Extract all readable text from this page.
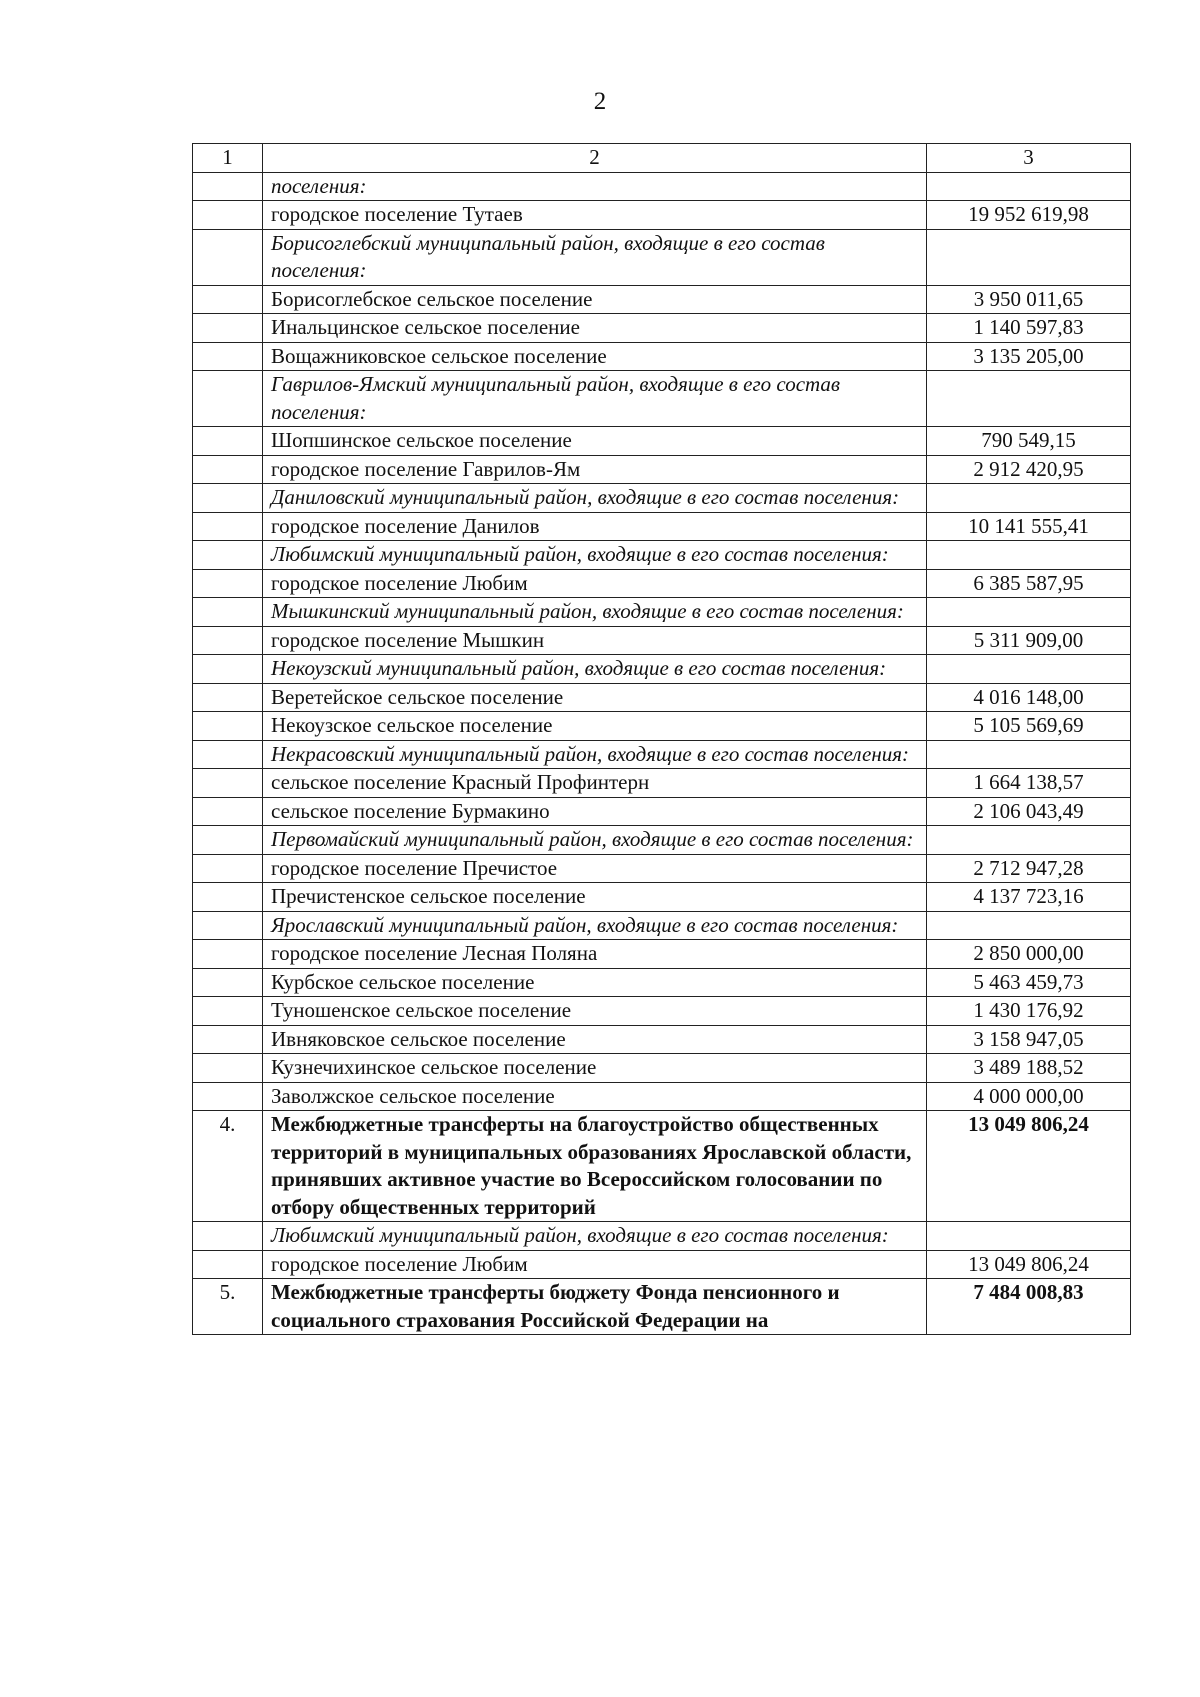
2
1	2	3
	поселения:	
	городское поселение Тутаев	19 952 619,98
	Борисоглебский муниципальный район, входящие в его состав поселения:	
	Борисоглебское сельское поселение	3 950 011,65
	Инальцинское сельское поселение	1 140 597,83
	Вощажниковское сельское поселение	3 135 205,00
	Гаврилов-Ямский муниципальный район, входящие в его состав поселения:	
	Шопшинское сельское поселение	790 549,15
	городское поселение Гаврилов-Ям	2 912 420,95
	Даниловский муниципальный район, входящие в его состав поселения:	
	городское поселение Данилов	10 141 555,41
	Любимский муниципальный район, входящие в его состав поселения:	
	городское поселение Любим	6 385 587,95
	Мышкинский муниципальный район, входящие в его состав поселения:	
	городское поселение Мышкин	5 311 909,00
	Некоузский муниципальный район, входящие в его состав поселения:	
	Веретейское сельское поселение	4 016 148,00
	Некоузское сельское поселение	5 105 569,69
	Некрасовский муниципальный район, входящие в его состав поселения:	
	сельское поселение Красный Профинтерн	1 664 138,57
	сельское поселение Бурмакино	2 106 043,49
	Первомайский муниципальный район, входящие в его состав поселения:	
	городское поселение Пречистое	2 712 947,28
	Пречистенское сельское поселение	4 137 723,16
	Ярославский муниципальный район, входящие в его состав поселения:	
	городское поселение Лесная Поляна	2 850 000,00
	Курбское сельское поселение	5 463 459,73
	Туношенское сельское поселение	1 430 176,92
	Ивняковское сельское поселение	3 158 947,05
	Кузнечихинское сельское поселение	3 489 188,52
	Заволжское сельское поселение	4 000 000,00
4.	Межбюджетные трансферты на благоустройство общественных территорий в муниципальных образованиях Ярославской области, принявших активное участие во Всероссийском голосовании по отбору общественных территорий	13 049 806,24
	Любимский муниципальный район, входящие в его состав поселения:	
	городское поселение Любим	13 049 806,24
5.	Межбюджетные трансферты бюджету Фонда пенсионного и социального страхования Российской Федерации на	7 484 008,83
